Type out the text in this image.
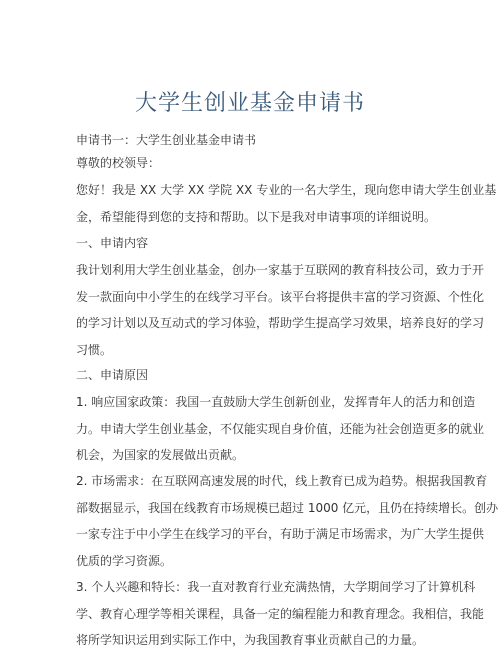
大学生创业基金申请书

申请书一：大学生创业基金申请书

尊敬的校领导：

您好！我是 XX 大学 XX 学院 XX 专业的一名大学生，现向您申请大学生创业基
金，希望能得到您的支持和帮助。以下是我对申请事项的详细说明。

一、申请内容

我计划利用大学生创业基金，创办一家基于互联网的教育科技公司，致力于开
发一款面向中小学生的在线学习平台。该平台将提供丰富的学习资源、个性化
的学习计划以及互动式的学习体验，帮助学生提高学习效果，培养良好的学习
习惯。

二、申请原因

1. 响应国家政策：我国一直鼓励大学生创新创业，发挥青年人的活力和创造
力。申请大学生创业基金，不仅能实现自身价值，还能为社会创造更多的就业
机会，为国家的发展做出贡献。

2. 市场需求：在互联网高速发展的时代，线上教育已成为趋势。根据我国教育
部数据显示，我国在线教育市场规模已超过 1000 亿元，且仍在持续增长。创办
一家专注于中小学生在线学习的平台，有助于满足市场需求，为广大学生提供
优质的学习资源。

3. 个人兴趣和特长：我一直对教育行业充满热情，大学期间学习了计算机科
学、教育心理学等相关课程，具备一定的编程能力和教育理念。我相信，我能
将所学知识运用到实际工作中，为我国教育事业贡献自己的力量。
